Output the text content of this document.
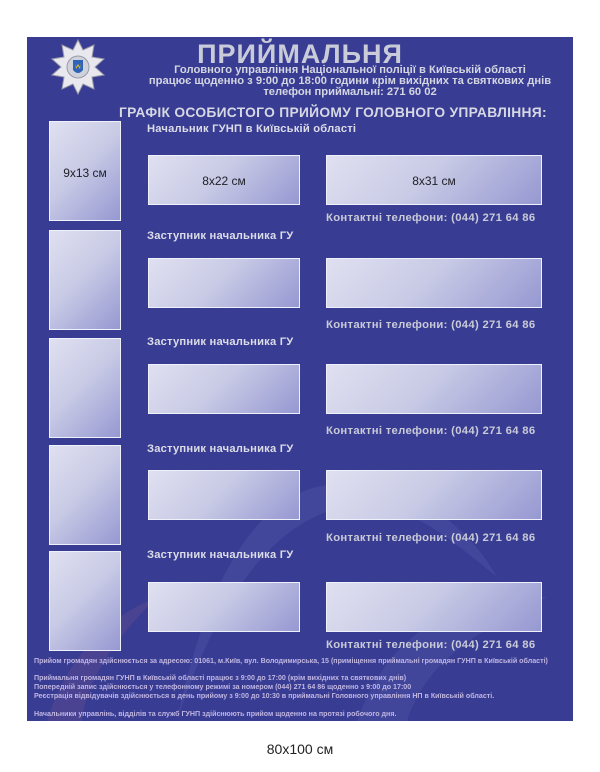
ПРИЙМАЛЬНЯ
Головного управління Національної поліції в Київській області
працює щоденно з 9:00 до 18:00 години крім вихідних та святкових днів
телефон приймальні: 271 60 02
ГРАФІК ОСОБИСТОГО ПРИЙОМУ ГОЛОВНОГО УПРАВЛІННЯ:
Начальник ГУНП в Київській області
9x13 см
8x22 см	8x31 см
Контактні телефони: (044) 271 64 86
Заступник начальника ГУ
Контактні телефони: (044) 271 64 86
Заступник начальника ГУ
Контактні телефони: (044) 271 64 86
Заступник начальника ГУ
Контактні телефони: (044) 271 64 86
Заступник начальника ГУ
Контактні телефони: (044) 271 64 86
Прийом громадян здійснюється за адресою: 01061, м.Київ, вул. Володимирська, 15 (приміщення приймальні громадян ГУНП в Київській області)
Приймальня громадян ГУНП в Київській області працює з 9:00 до 17:00 (крім вихідних та святкових днів)
Попередній запис здійснюється у телефонному режимі за номером (044) 271 64 86 щоденно з 9:00 до 17:00
Реєстрація відвідувачів здійснюється в день прийому з 9:00 до 10:30 в приймальні Головного управління НП в Київській області.
Начальники управлінь, відділів та служб ГУНП здійснюють прийом щоденно на протязі робочого дня.
80x100 см
